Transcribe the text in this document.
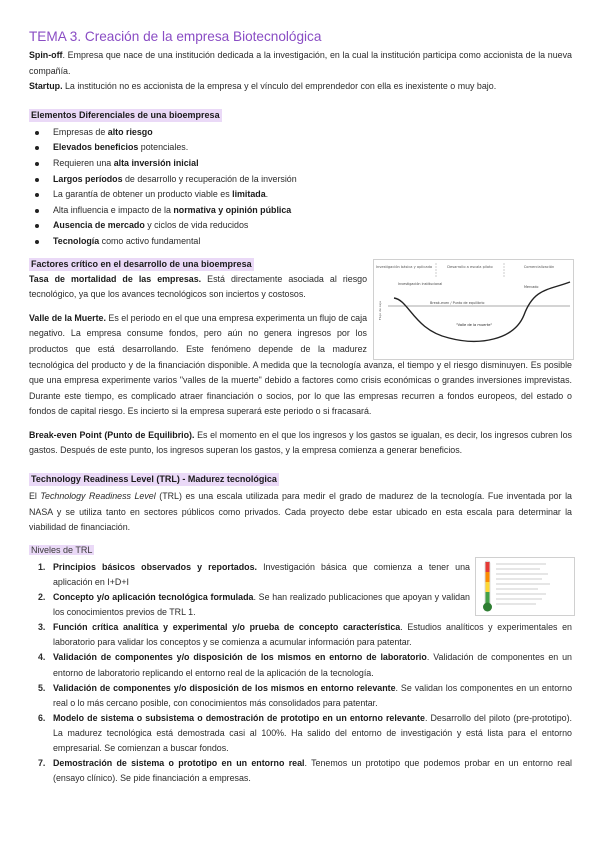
TEMA 3. Creación de la empresa Biotecnológica

Spin-off. Empresa que nace de una institución dedicada a la investigación, en la cual la institución participa como accionista de la nueva compañía.

Startup. La institución no es accionista de la empresa y el vínculo del emprendedor con ella es inexistente o muy bajo.

Elementos Diferenciales de una bioempresa
Empresas de alto riesgo
Elevados beneficios potenciales.
Requieren una alta inversión inicial
Largos períodos de desarrollo y recuperación de la inversión
La garantía de obtener un producto viable es limitada.
Alta influencia e impacto de la normativa y opinión pública
Ausencia de mercado y ciclos de vida reducidos
Tecnología como activo fundamental
Factores crítico en el desarrollo de una bioempresa

Tasa de mortalidad de las empresas. Está directamente asociada al riesgo tecnológico, ya que los avances tecnológicos son inciertos y costosos.

Valle de la Muerte. Es el periodo en el que una empresa experimenta un flujo de caja negativo. La empresa consume fondos, pero aún no genera ingresos por los productos que está desarrollando. Este fenómeno depende de la madurez tecnológica del producto y de la financiación disponible. A medida que la tecnología avanza, el tiempo y el riesgo disminuyen. Es posible que una empresa experimente varios "valles de la muerte" debido a factores como crisis económicas o grandes inversiones imprevistas. Durante este tiempo, es complicado atraer financiación o socios, por lo que las empresas recurren a fondos europeos, del estado o fondos de capital riesgo. Es incierto si la empresa superará este periodo o si fracasará.

Break-even Point (Punto de Equilibrio). Es el momento en el que los ingresos y los gastos se igualan, es decir, los ingresos cubren los gastos. Después de este punto, los ingresos superan los gastos, y la empresa comienza a generar beneficios.

Technology Readiness Level (TRL) - Madurez tecnológica

El Technology Readiness Level (TRL) es una escala utilizada para medir el grado de madurez de la tecnología. Fue inventada por la NASA y se utiliza tanto en sectores públicos como privados. Cada proyecto debe estar ubicado en esta escala para determinar la viabilidad de financiación.

Niveles de TRL
1. Principios básicos observados y reportados. Investigación básica que comienza a tener una aplicación en I+D+I
2. Concepto y/o aplicación tecnológica formulada. Se han realizado publicaciones que apoyan y validan los conocimientos previos de TRL 1.
3. Función crítica analítica y experimental y/o prueba de concepto característica. Estudios analíticos y experimentales en laboratorio para validar los conceptos y se comienza a acumular información para patentar.
4. Validación de componentes y/o disposición de los mismos en entorno de laboratorio. Validación de componentes en un entorno de laboratorio replicando el entorno real de la aplicación de la tecnología.
5. Validación de componentes y/o disposición de los mismos en entorno relevante. Se validan los componentes en un entorno real o lo más cercano posible, con conocimientos más consolidados para patentar.
6. Modelo de sistema o subsistema o demostración de prototipo en un entorno relevante. Desarrollo del piloto (pre-prototipo). La madurez tecnológica está demostrada casi al 100%. Ha salido del entorno de investigación y está lista para el entorno empresarial. Se comienzan a buscar fondos.
7. Demostración de sistema o prototipo en un entorno real. Tenemos un prototipo que podemos probar en un entorno real (ensayo clínico). Se pide financiación a empresas.
Investigación básica y aplicada	Desarrollo a escala piloto	Comercialización
Investigación institucional
Mercado
Break-even / Punto de equilibrio
"Valle de la muerte"
Flujo de caja
